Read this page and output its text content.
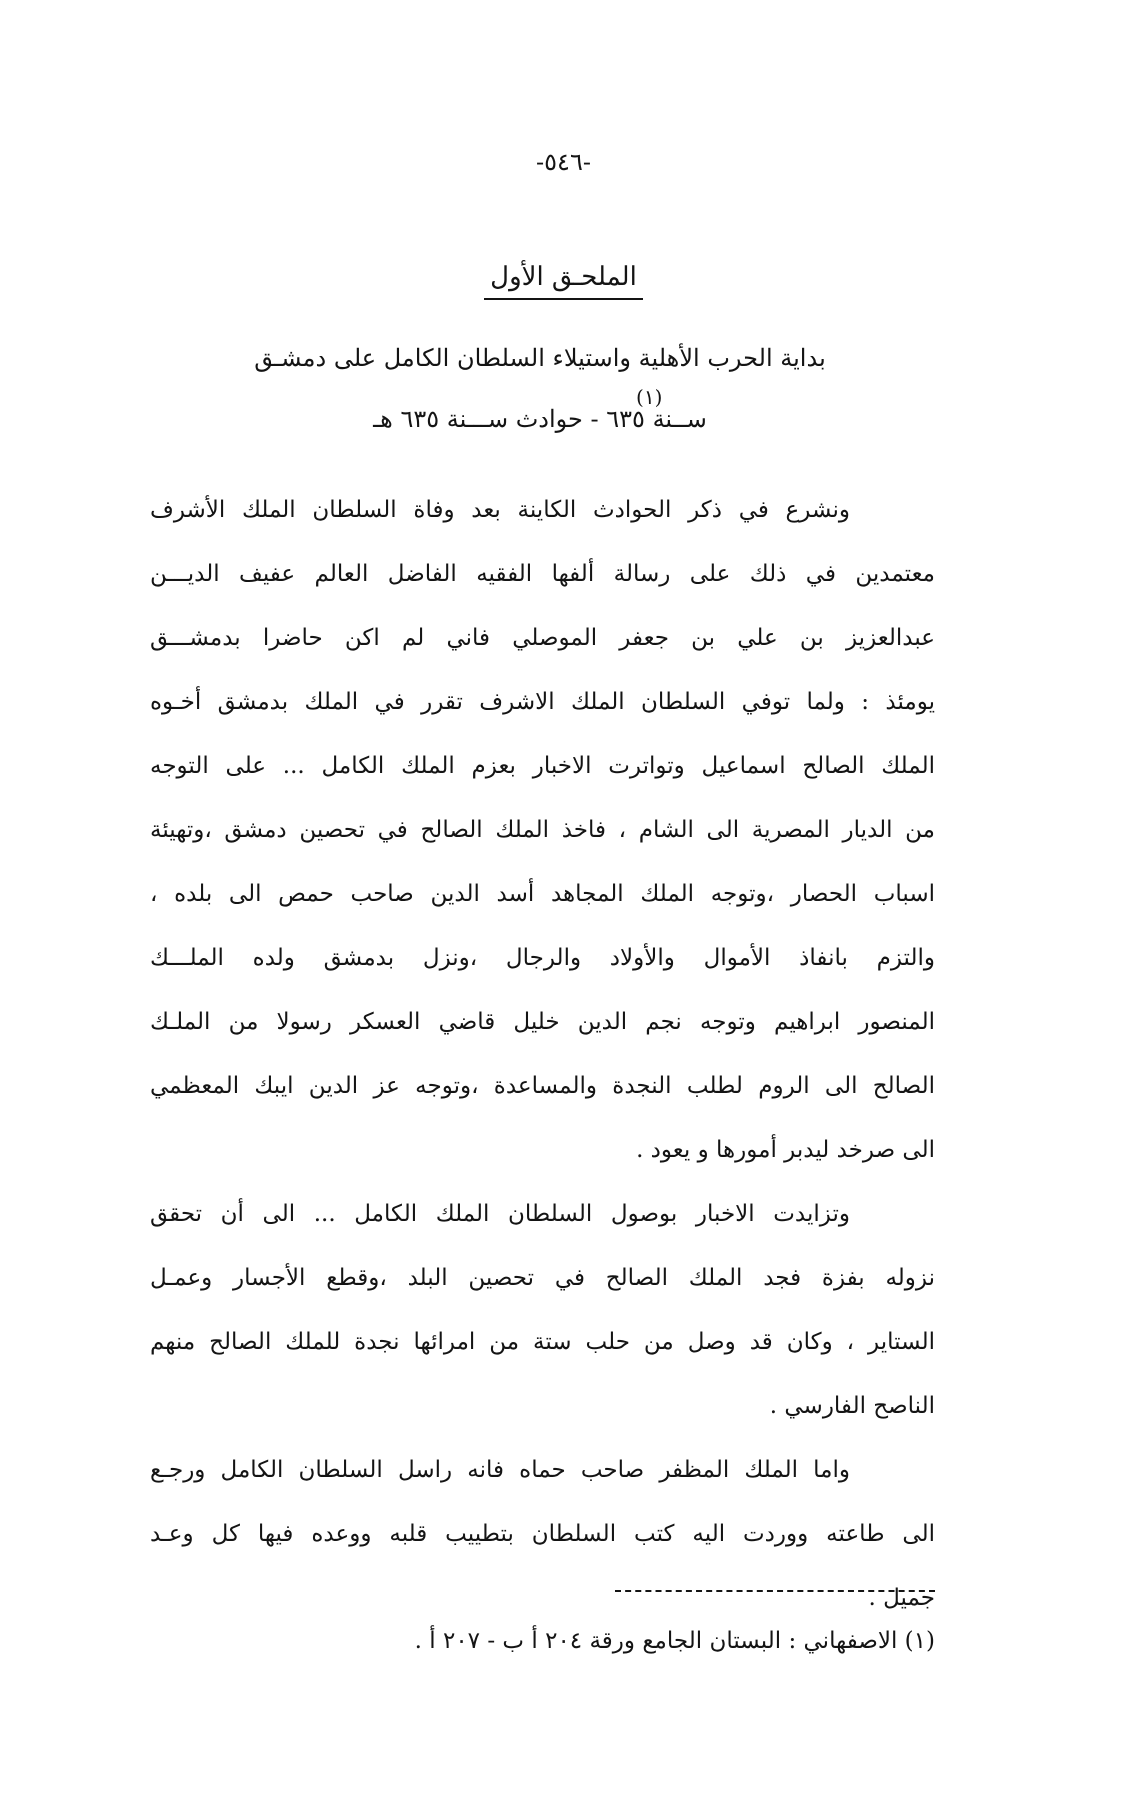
-٥٤٦-
الملحـق الأول
بداية الحرب الأهلية واستيلاء السلطان الكامل على دمشـق
(١)
ســنة ٦٣٥ - حوادث ســـنة ٦٣٥ هـ
ونشرع في ذكر الحوادث الكاينة بعد وفاة السلطان الملك الأشرف
معتمدين في ذلك على رسالة ألفها الفقيه الفاضل العالم عفيف الديـــن
عبدالعزيز بن علي بن جعفر الموصلي فاني لم اكن حاضرا بدمشـــق
يومئذ : ولما توفي السلطان الملك الاشرف تقرر في الملك بدمشق أخـوه
الملك الصالح اسماعيل وتواترت الاخبار بعزم الملك الكامل ... على التوجه
من الديار المصرية الى الشام ، فاخذ الملك الصالح في تحصين دمشق ،وتهيئة
اسباب الحصار ،وتوجه الملك المجاهد أسد الدين صاحب حمص الى بلده ،
والتزم بانفاذ الأموال والأولاد والرجال ،ونزل بدمشق ولده الملـــك
المنصور ابراهيم وتوجه نجم الدين خليل قاضي العسكر رسولا من الملـك
الصالح الى الروم لطلب النجدة والمساعدة ،وتوجه عز الدين ايبك المعظمي
الى صرخد ليدبر أمورها و يعود .
وتزايدت الاخبار بوصول السلطان الملك الكامل ... الى أن تحقق
نزوله بفزة فجد الملك الصالح في تحصين البلد ،وقطع الأجسار وعمـل
الستاير ، وكان قد وصل من حلب ستة من امرائها نجدة للملك الصالح منهم
الناصح الفارسي .
واما الملك المظفر صاحب حماه فانه راسل السلطان الكامل ورجـع
الى طاعته ووردت اليه كتب السلطان بتطييب قلبه ووعده فيها كل وعـد
جميل .
(١) الاصفهاني : البستان الجامع ورقة ٢٠٤ أ ب - ٢٠٧ أ .
